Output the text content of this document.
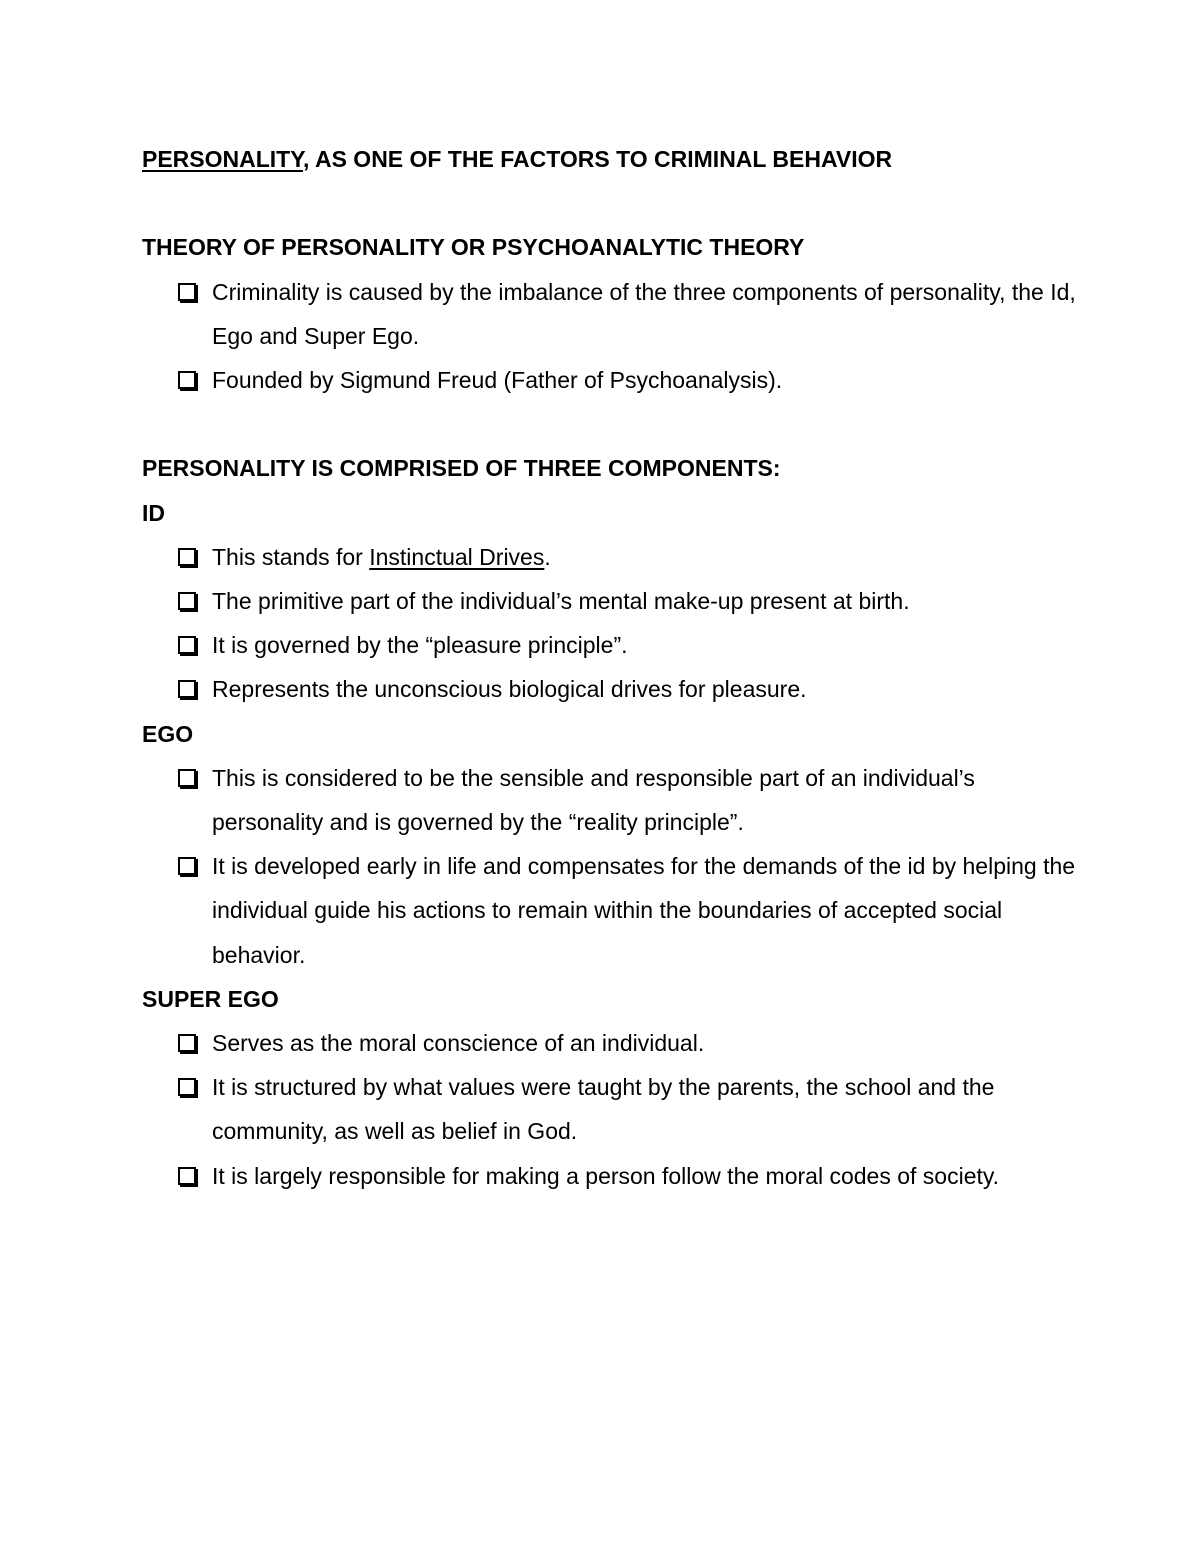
PERSONALITY, AS ONE OF THE FACTORS TO CRIMINAL BEHAVIOR

THEORY OF PERSONALITY OR PSYCHOANALYTIC THEORY

Criminality is caused by the imbalance of the three components of personality, the Id, Ego and Super Ego.
Founded by Sigmund Freud (Father of Psychoanalysis).

PERSONALITY IS COMPRISED OF THREE COMPONENTS:

ID

This stands for Instinctual Drives.
The primitive part of the individual’s mental make-up present at birth.
It is governed by the “pleasure principle”.
Represents the unconscious biological drives for pleasure.

EGO

This is considered to be the sensible and responsible part of an individual’s personality and is governed by the “reality principle”.
It is developed early in life and compensates for the demands of the id by helping the individual guide his actions to remain within the boundaries of accepted social behavior.

SUPER EGO

Serves as the moral conscience of an individual.
It is structured by what values were taught by the parents, the school and the community, as well as belief in God.
It is largely responsible for making a person follow the moral codes of society.
